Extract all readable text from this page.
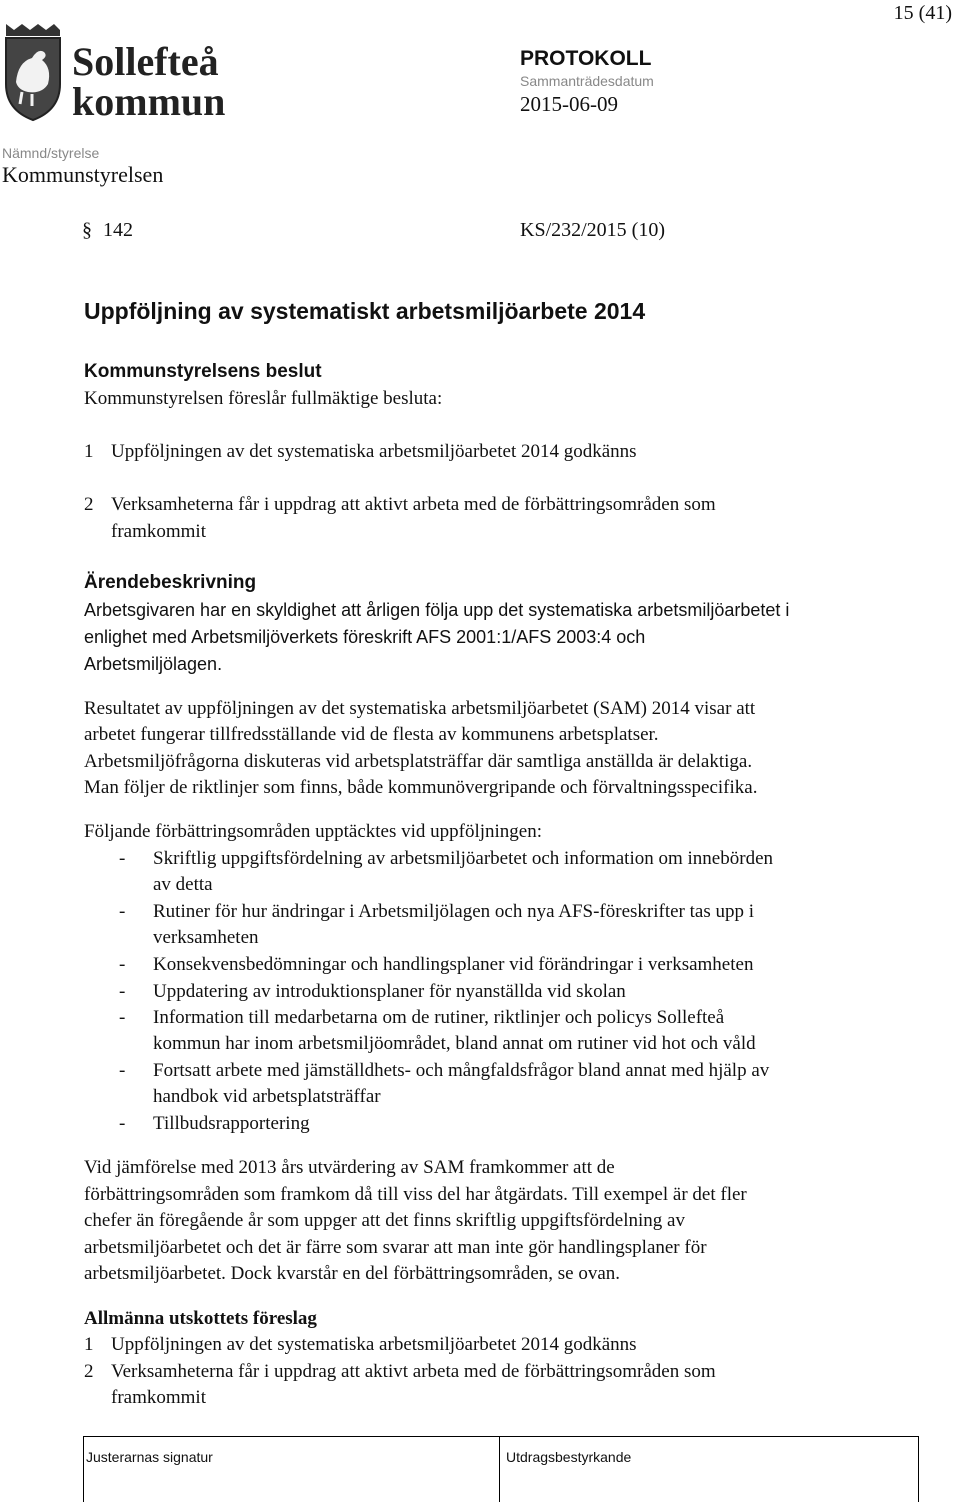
15 (41)
Sollefteå
kommun
PROTOKOLL
Sammanträdesdatum
2015-06-09
Nämnd/styrelse
Kommunstyrelsen
§ 142	KS/232/2015 (10)
Uppföljning av systematiskt arbetsmiljöarbete 2014
Kommunstyrelsens beslut
Kommunstyrelsen föreslår fullmäktige besluta:
1 Uppföljningen av det systematiska arbetsmiljöarbetet 2014 godkänns
2 Verksamheterna får i uppdrag att aktivt arbeta med de förbättringsområden som
framkommit
Ärendebeskrivning
Arbetsgivaren har en skyldighet att årligen följa upp det systematiska arbetsmiljöarbetet i
enlighet med Arbetsmiljöverkets föreskrift AFS 2001:1/AFS 2003:4 och
Arbetsmiljölagen.
Resultatet av uppföljningen av det systematiska arbetsmiljöarbetet (SAM) 2014 visar att
arbetet fungerar tillfredsställande vid de flesta av kommunens arbetsplatser.
Arbetsmiljöfrågorna diskuteras vid arbetsplatsträffar där samtliga anställda är delaktiga.
Man följer de riktlinjer som finns, både kommunövergripande och förvaltningsspecifika.
Följande förbättringsområden upptäcktes vid uppföljningen:
- Skriftlig uppgiftsfördelning av arbetsmiljöarbetet och information om innebörden
av detta
- Rutiner för hur ändringar i Arbetsmiljölagen och nya AFS-föreskrifter tas upp i
verksamheten
- Konsekvensbedömningar och handlingsplaner vid förändringar i verksamheten
- Uppdatering av introduktionsplaner för nyanställda vid skolan
- Information till medarbetarna om de rutiner, riktlinjer och policys Sollefteå
kommun har inom arbetsmiljöområdet, bland annat om rutiner vid hot och våld
- Fortsatt arbete med jämställdhets- och mångfaldsfrågor bland annat med hjälp av
handbok vid arbetsplatsträffar
- Tillbudsrapportering
Vid jämförelse med 2013 års utvärdering av SAM framkommer att de
förbättringsområden som framkom då till viss del har åtgärdats. Till exempel är det fler
chefer än föregående år som uppger att det finns skriftlig uppgiftsfördelning av
arbetsmiljöarbetet och det är färre som svarar att man inte gör handlingsplaner för
arbetsmiljöarbetet. Dock kvarstår en del förbättringsområden, se ovan.
Allmänna utskottets föreslag
1 Uppföljningen av det systematiska arbetsmiljöarbetet 2014 godkänns
2 Verksamheterna får i uppdrag att aktivt arbeta med de förbättringsområden som
framkommit
Justerarnas signatur	Utdragsbestyrkande
